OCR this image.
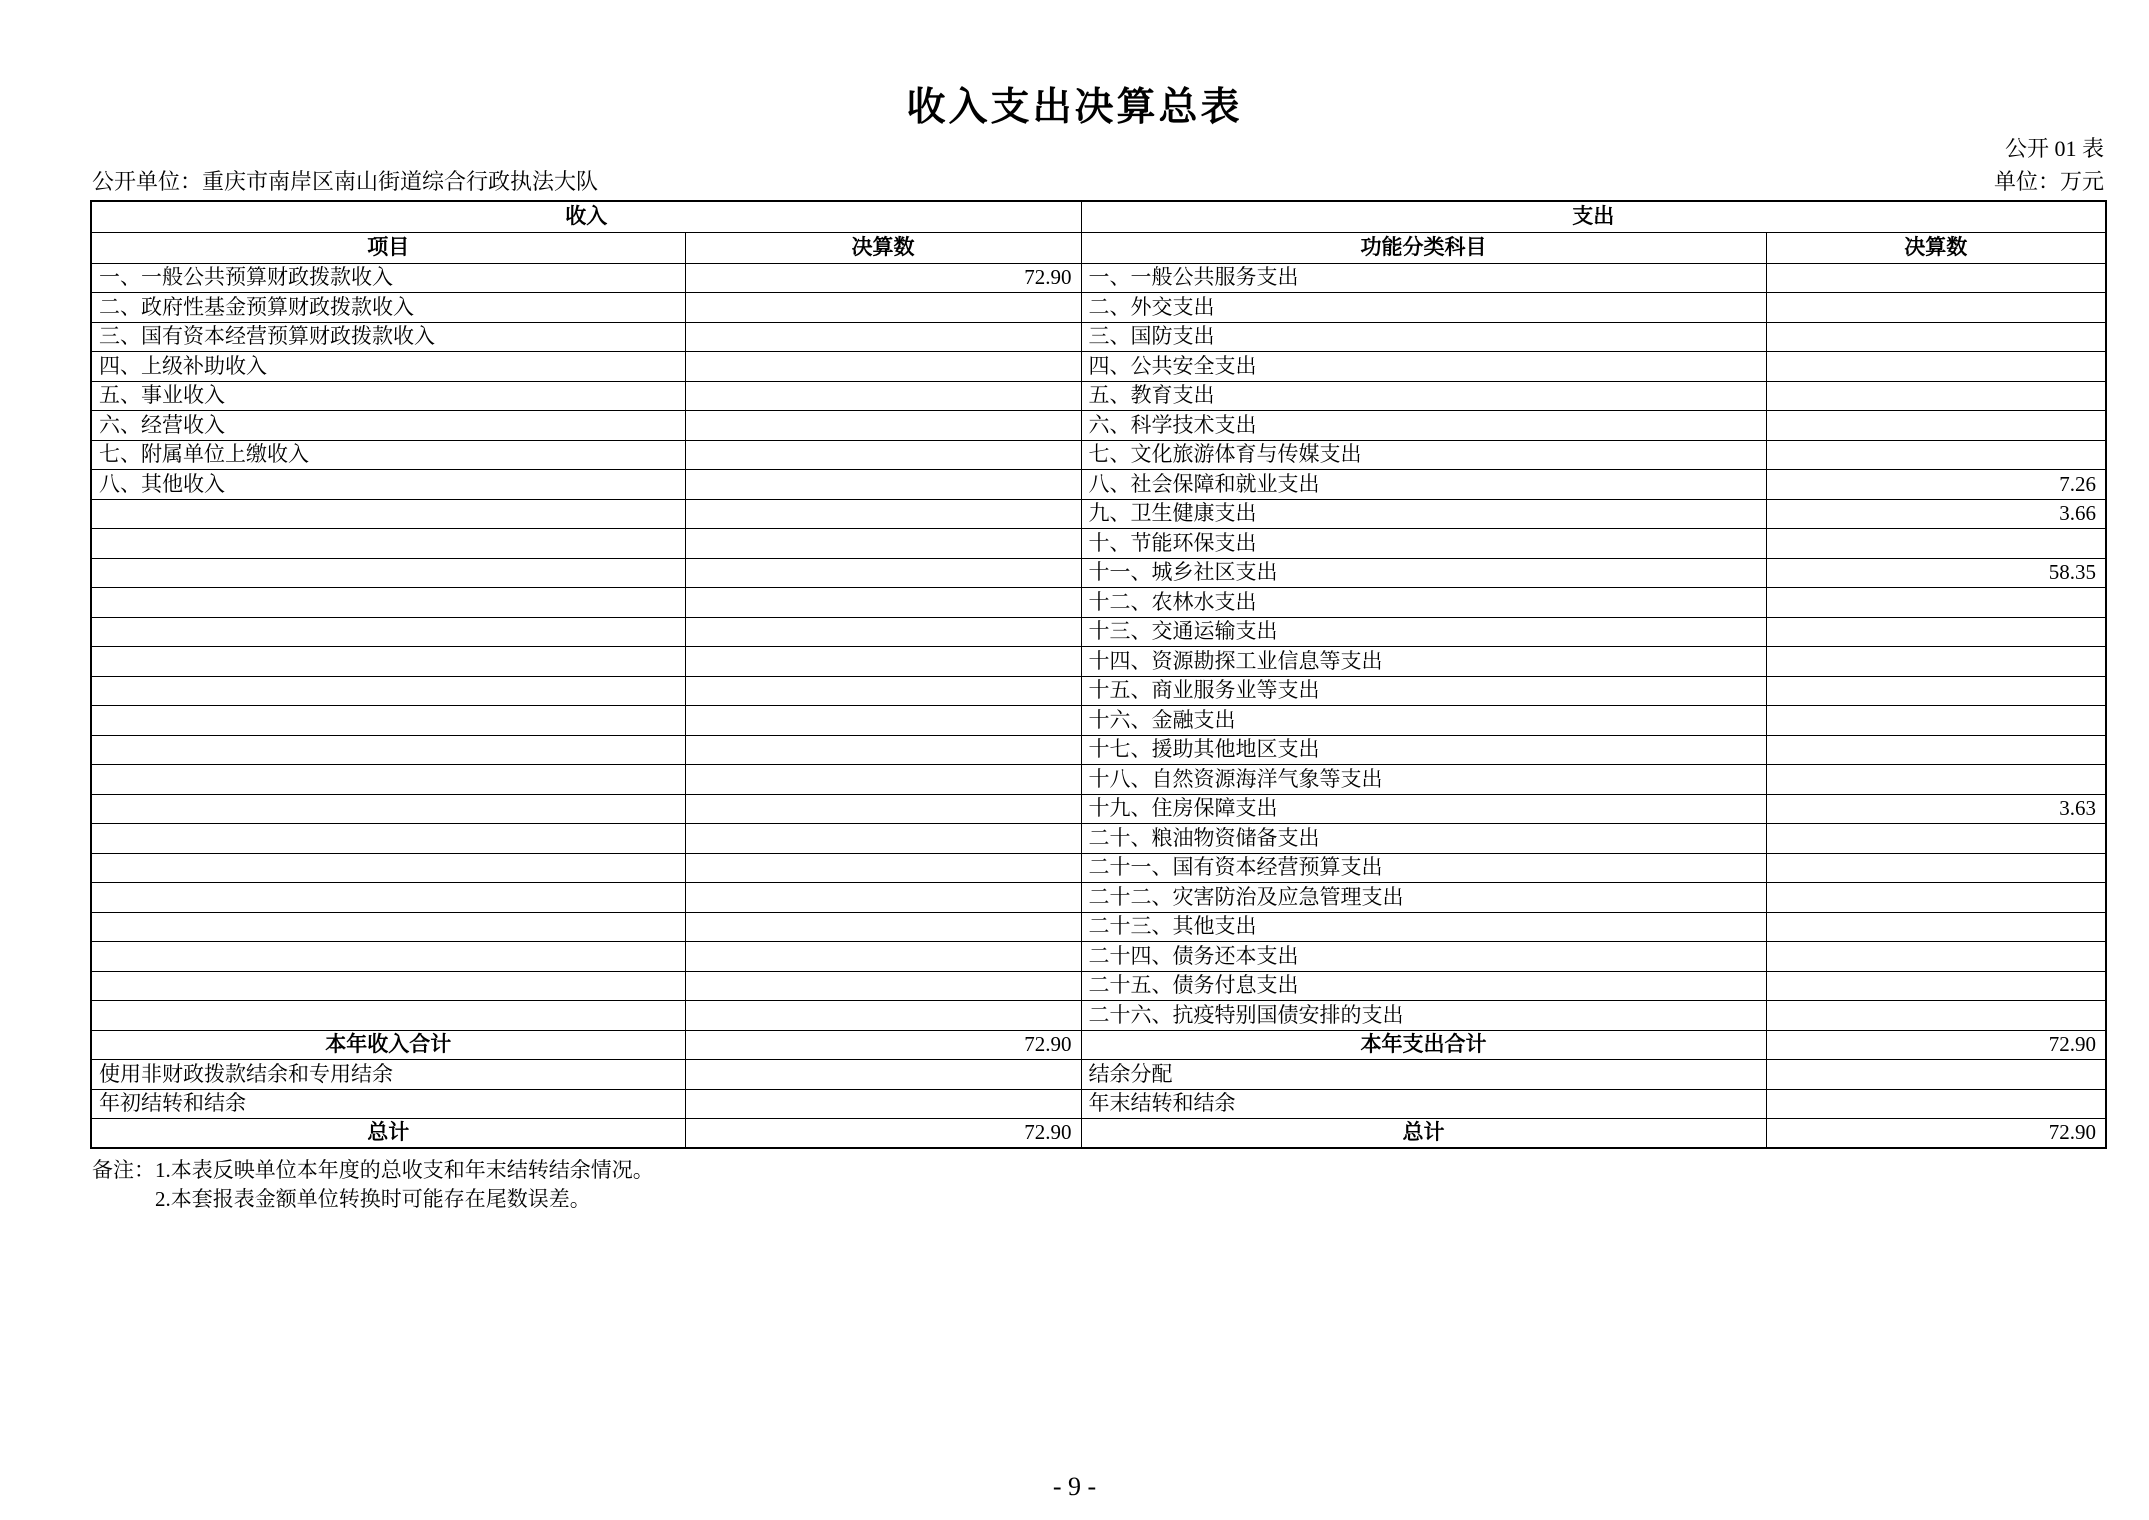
收入支出决算总表
公开 01 表
公开单位：重庆市南岸区南山街道综合行政执法大队	单位：万元
收入		支出	
项目	决算数	功能分类科目	决算数
一、一般公共预算财政拨款收入	72.90	一、一般公共服务支出	
二、政府性基金预算财政拨款收入		二、外交支出	
三、国有资本经营预算财政拨款收入		三、国防支出	
四、上级补助收入		四、公共安全支出	
五、事业收入		五、教育支出	
六、经营收入		六、科学技术支出	
七、附属单位上缴收入		七、文化旅游体育与传媒支出	
八、其他收入		八、社会保障和就业支出	7.26
		九、卫生健康支出	3.66
		十、节能环保支出	
		十一、城乡社区支出	58.35
		十二、农林水支出	
		十三、交通运输支出	
		十四、资源勘探工业信息等支出	
		十五、商业服务业等支出	
		十六、金融支出	
		十七、援助其他地区支出	
		十八、自然资源海洋气象等支出	
		十九、住房保障支出	3.63
		二十、粮油物资储备支出	
		二十一、国有资本经营预算支出	
		二十二、灾害防治及应急管理支出	
		二十三、其他支出	
		二十四、债务还本支出	
		二十五、债务付息支出	
		二十六、抗疫特别国债安排的支出	
本年收入合计	72.90	本年支出合计	72.90
使用非财政拨款结余和专用结余		结余分配	
年初结转和结余		年末结转和结余	
总计	72.90	总计	72.90
备注：1.本表反映单位本年度的总收支和年末结转结余情况。
2.本套报表金额单位转换时可能存在尾数误差。
- 9 -
